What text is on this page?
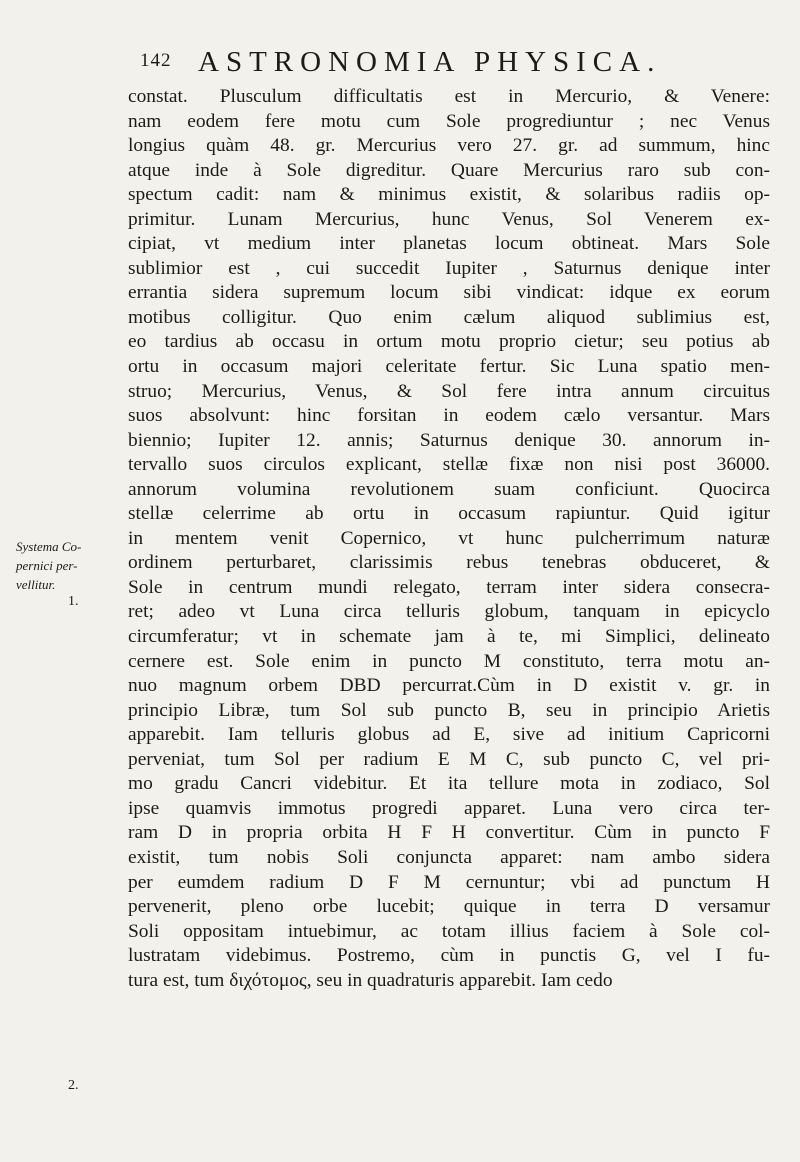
142 ASTRONOMIA PHYSICA.
Systema Co-
pernici per-
vellitur.
1.
2.
constat. Plusculum difficultatis est in Mercurio, & Venere:
nam eodem fere motu cum Sole progrediuntur ; nec Venus
longius quàm 48. gr. Mercurius vero 27. gr. ad summum, hinc
atque inde à Sole digreditur. Quare Mercurius raro sub con-
spectum cadit: nam & minimus existit, & solaribus radiis op-
primitur. Lunam Mercurius, hunc Venus, Sol Venerem ex-
cipiat, vt medium inter planetas locum obtineat. Mars Sole
sublimior est , cui succedit Iupiter , Saturnus denique inter
errantia sidera supremum locum sibi vindicat: idque ex eorum
motibus colligitur. Quo enim cælum aliquod sublimius est,
eo tardius ab occasu in ortum motu proprio cietur; seu potius ab
ortu in occasum majori celeritate fertur. Sic Luna spatio men-
struo; Mercurius, Venus, & Sol fere intra annum circuitus
suos absolvunt: hinc forsitan in eodem cælo versantur. Mars
biennio; Iupiter 12. annis; Saturnus denique 30. annorum in-
tervallo suos circulos explicant, stellæ fixæ non nisi post 36000.
annorum volumina revolutionem suam conficiunt. Quocirca
stellæ celerrime ab ortu in occasum rapiuntur. Quid igitur
in mentem venit Copernico, vt hunc pulcherrimum naturæ
ordinem perturbaret, clarissimis rebus tenebras obduceret, &
Sole in centrum mundi relegato, terram inter sidera consecra-
ret; adeo vt Luna circa telluris globum, tanquam in epicyclo
circumferatur; vt in schemate jam à te, mi Simplici, delineato
cernere est. Sole enim in puncto M constituto, terra motu an-
nuo magnum orbem DBD percurrat.Cùm in D existit v. gr. in
principio Libræ, tum Sol sub puncto B, seu in principio Arietis
apparebit. Iam telluris globus ad E, sive ad initium Capricorni
perveniat, tum Sol per radium E M C, sub puncto C, vel pri-
mo gradu Cancri videbitur. Et ita tellure mota in zodiaco, Sol
ipse quamvis immotus progredi apparet. Luna vero circa ter-
ram D in propria orbita H F H convertitur. Cùm in puncto F
existit, tum nobis Soli conjuncta apparet: nam ambo sidera
per eumdem radium D F M cernuntur; vbi ad punctum H
pervenerit, pleno orbe lucebit; quique in terra D versamur
Soli oppositam intuebimur, ac totam illius faciem à Sole col-
lustratam videbimus. Postremo, cùm in punctis G, vel I fu-
tura est, tum διχότομος, seu in quadraturis apparebit. Iam cedo
